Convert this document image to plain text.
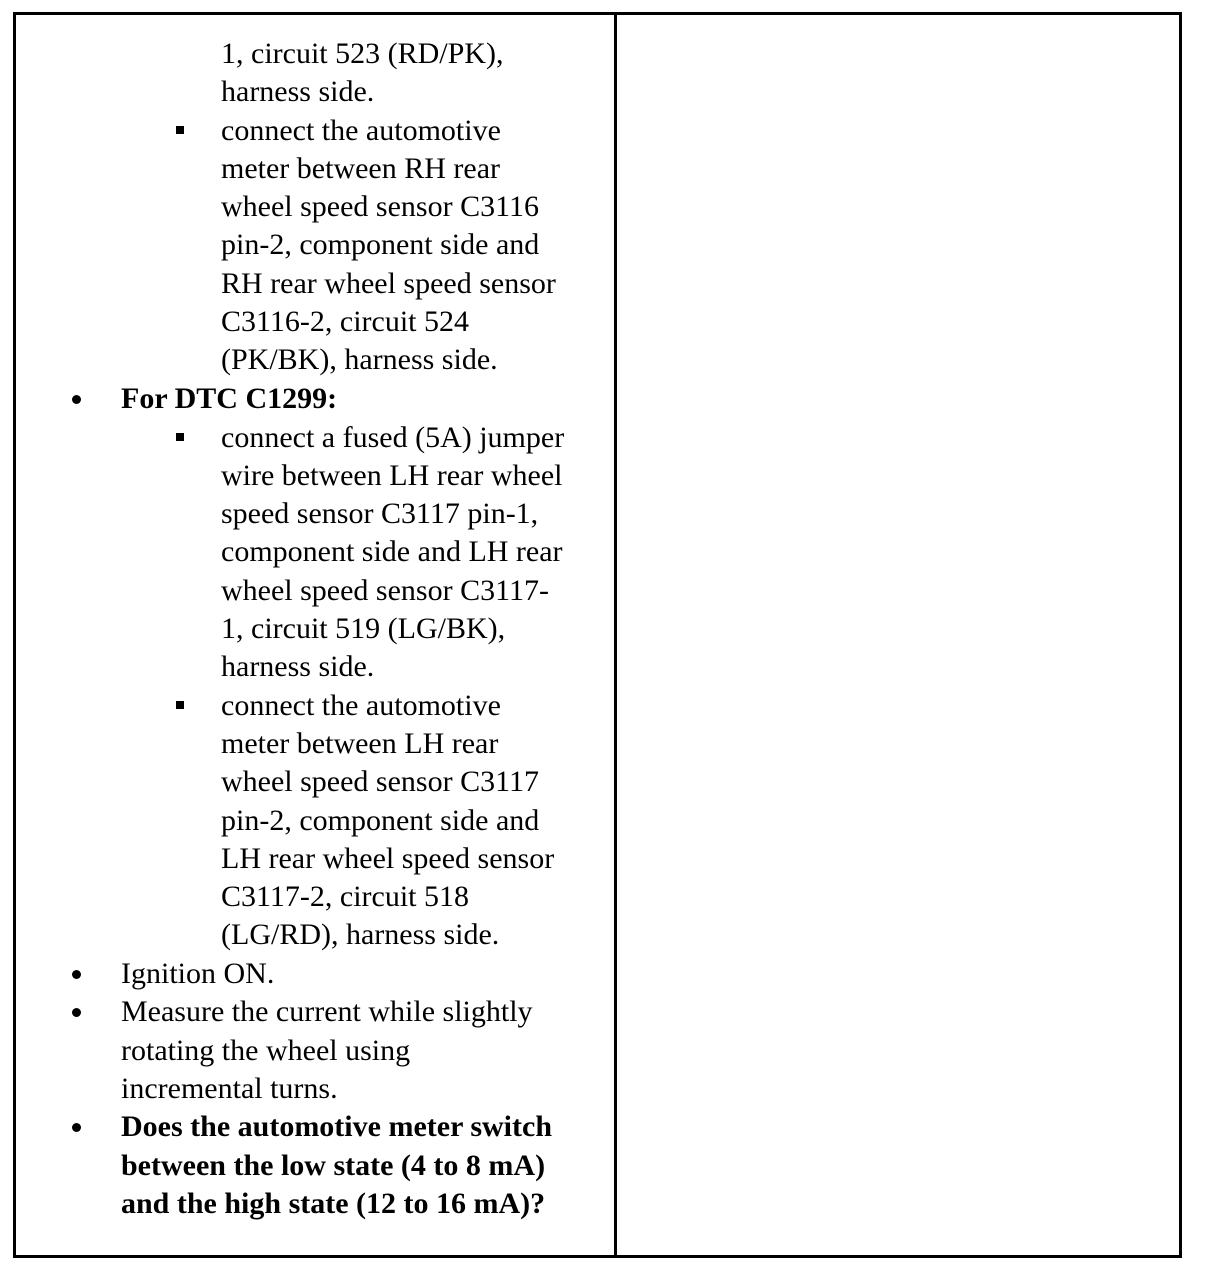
1, circuit 523 (RD/PK),
harness side.
connect the automotive
meter between RH rear
wheel speed sensor C3116
pin-2, component side and
RH rear wheel speed sensor
C3116-2, circuit 524
(PK/BK), harness side.
For DTC C1299:
connect a fused (5A) jumper
wire between LH rear wheel
speed sensor C3117 pin-1,
component side and LH rear
wheel speed sensor C3117-
1, circuit 519 (LG/BK),
harness side.
connect the automotive
meter between LH rear
wheel speed sensor C3117
pin-2, component side and
LH rear wheel speed sensor
C3117-2, circuit 518
(LG/RD), harness side.
Ignition ON.
Measure the current while slightly
rotating the wheel using
incremental turns.
Does the automotive meter switch
between the low state (4 to 8 mA)
and the high state (12 to 16 mA)?
